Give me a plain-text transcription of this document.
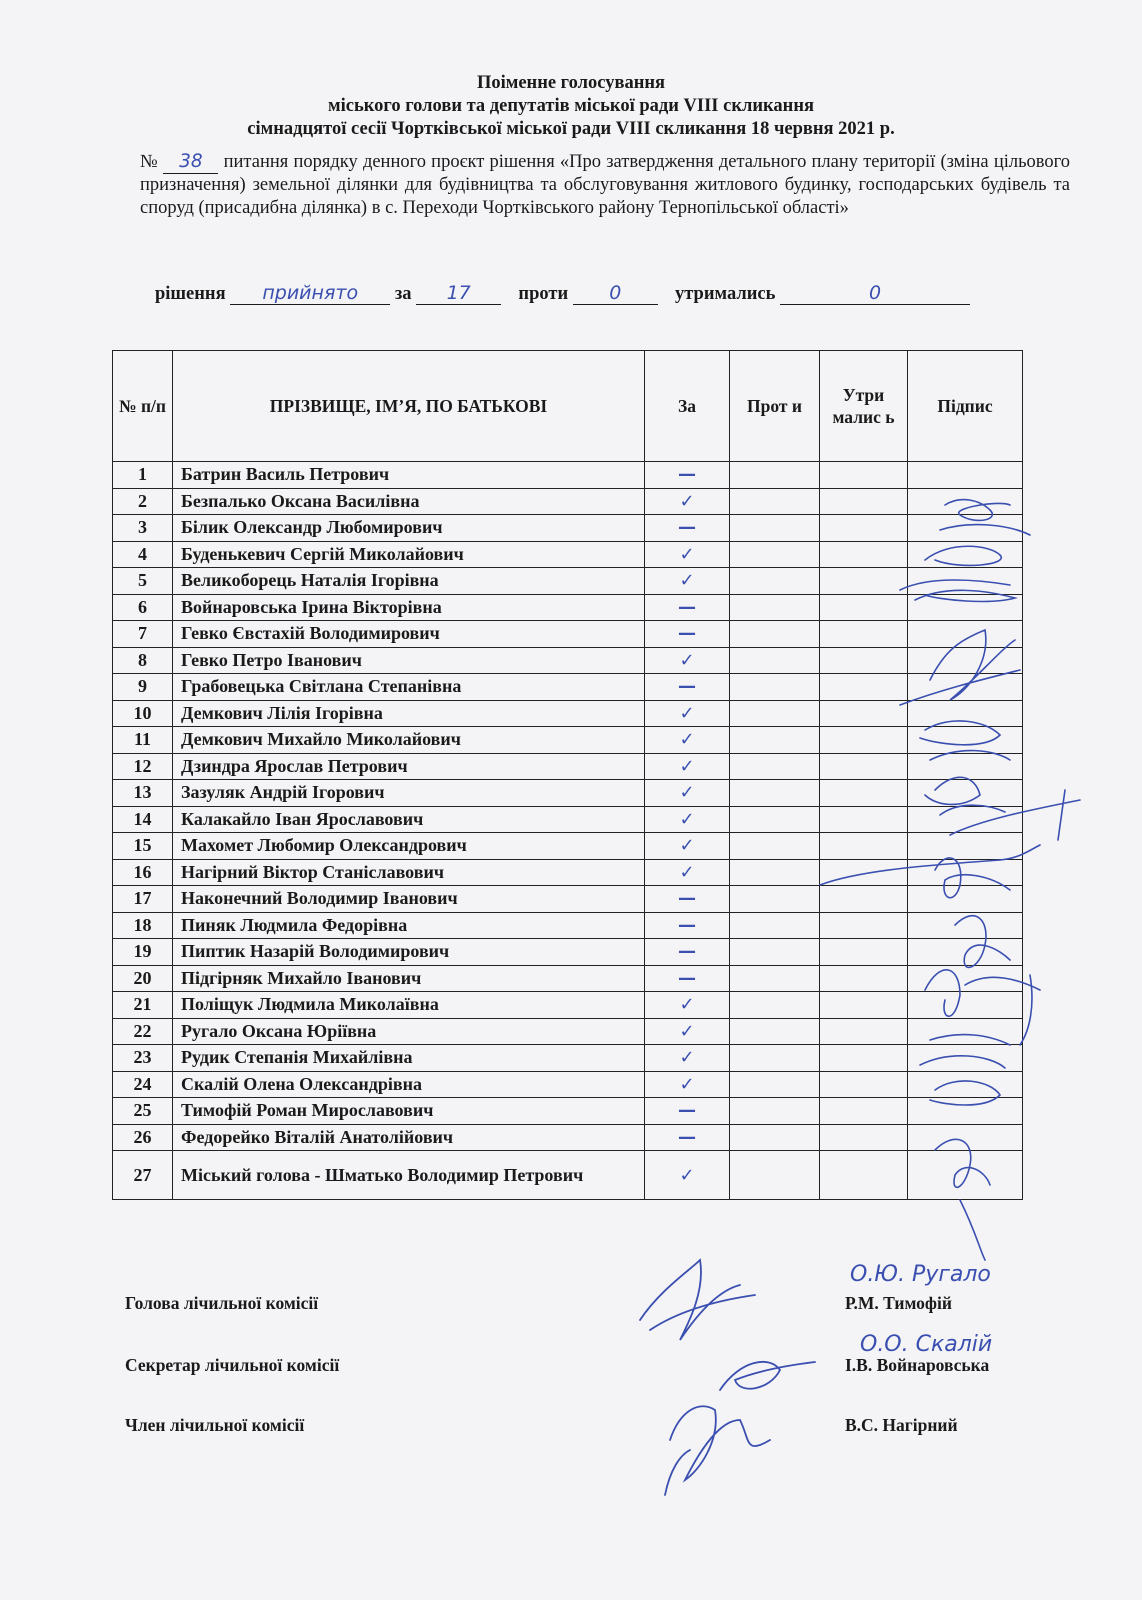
Поіменне голосування
міського голови та депутатів міської ради VIII скликання
сімнадцятої сесії Чортківської міської ради VIII скликання 18 червня 2021 р.
№ 38 питання порядку денного проєкт рішення «Про затвердження детального плану території (зміна цільового призначення) земельної ділянки для будівництва та обслуговування житлового будинку, господарських будівель та споруд (присадибна ділянка) в с. Переходи Чортківського району Тернопільської області»
рішення прийнято за 17	проти 0	утримались	0
№ п/п	ПРІЗВИЩЕ, ІМ’Я, ПО БАТЬКОВІ	За	Прот и	Утри малис ь	Підпис
1	Батрин Василь Петрович	—			
2	Безпалько Оксана Василівна	✓			
3	Білик Олександр Любомирович	—			
4	Буденькевич Сергій Миколайович	✓			
5	Великоборець Наталія Ігорівна	✓			
6	Войнаровська Ірина Вікторівна	—			
7	Гевко Євстахій Володимирович	—			
8	Гевко Петро Іванович	✓			
9	Грабовецька Світлана Степанівна	—			
10	Демкович Лілія Ігорівна	✓			
11	Демкович Михайло Миколайович	✓			
12	Дзиндра Ярослав Петрович	✓			
13	Зазуляк Андрій Ігорович	✓			
14	Калакайло Іван Ярославович	✓			
15	Махомет Любомир Олександрович	✓			
16	Нагірний Віктор Станіславович	✓			
17	Наконечний Володимир Іванович	—			
18	Пиняк Людмила Федорівна	—			
19	Пиптик Назарій Володимирович	—			
20	Підгірняк Михайло Іванович	—			
21	Поліщук Людмила Миколаївна	✓			
22	Ругало Оксана Юріївна	✓			
23	Рудик Степанія Михайлівна	✓			
24	Скалій Олена Олександрівна	✓			
25	Тимофій Роман Мирославович	—			
26	Федорейко Віталій Анатолійович	—			
27	Міський голова - Шматько Володимир Петрович	✓			
О.Ю. Ругало
О.О. Скалій
Голова лічильної комісії	Р.М. Тимофій
Секретар лічильної комісії	І.В. Войнаровська
Член лічильної комісії	В.С. Нагірний
